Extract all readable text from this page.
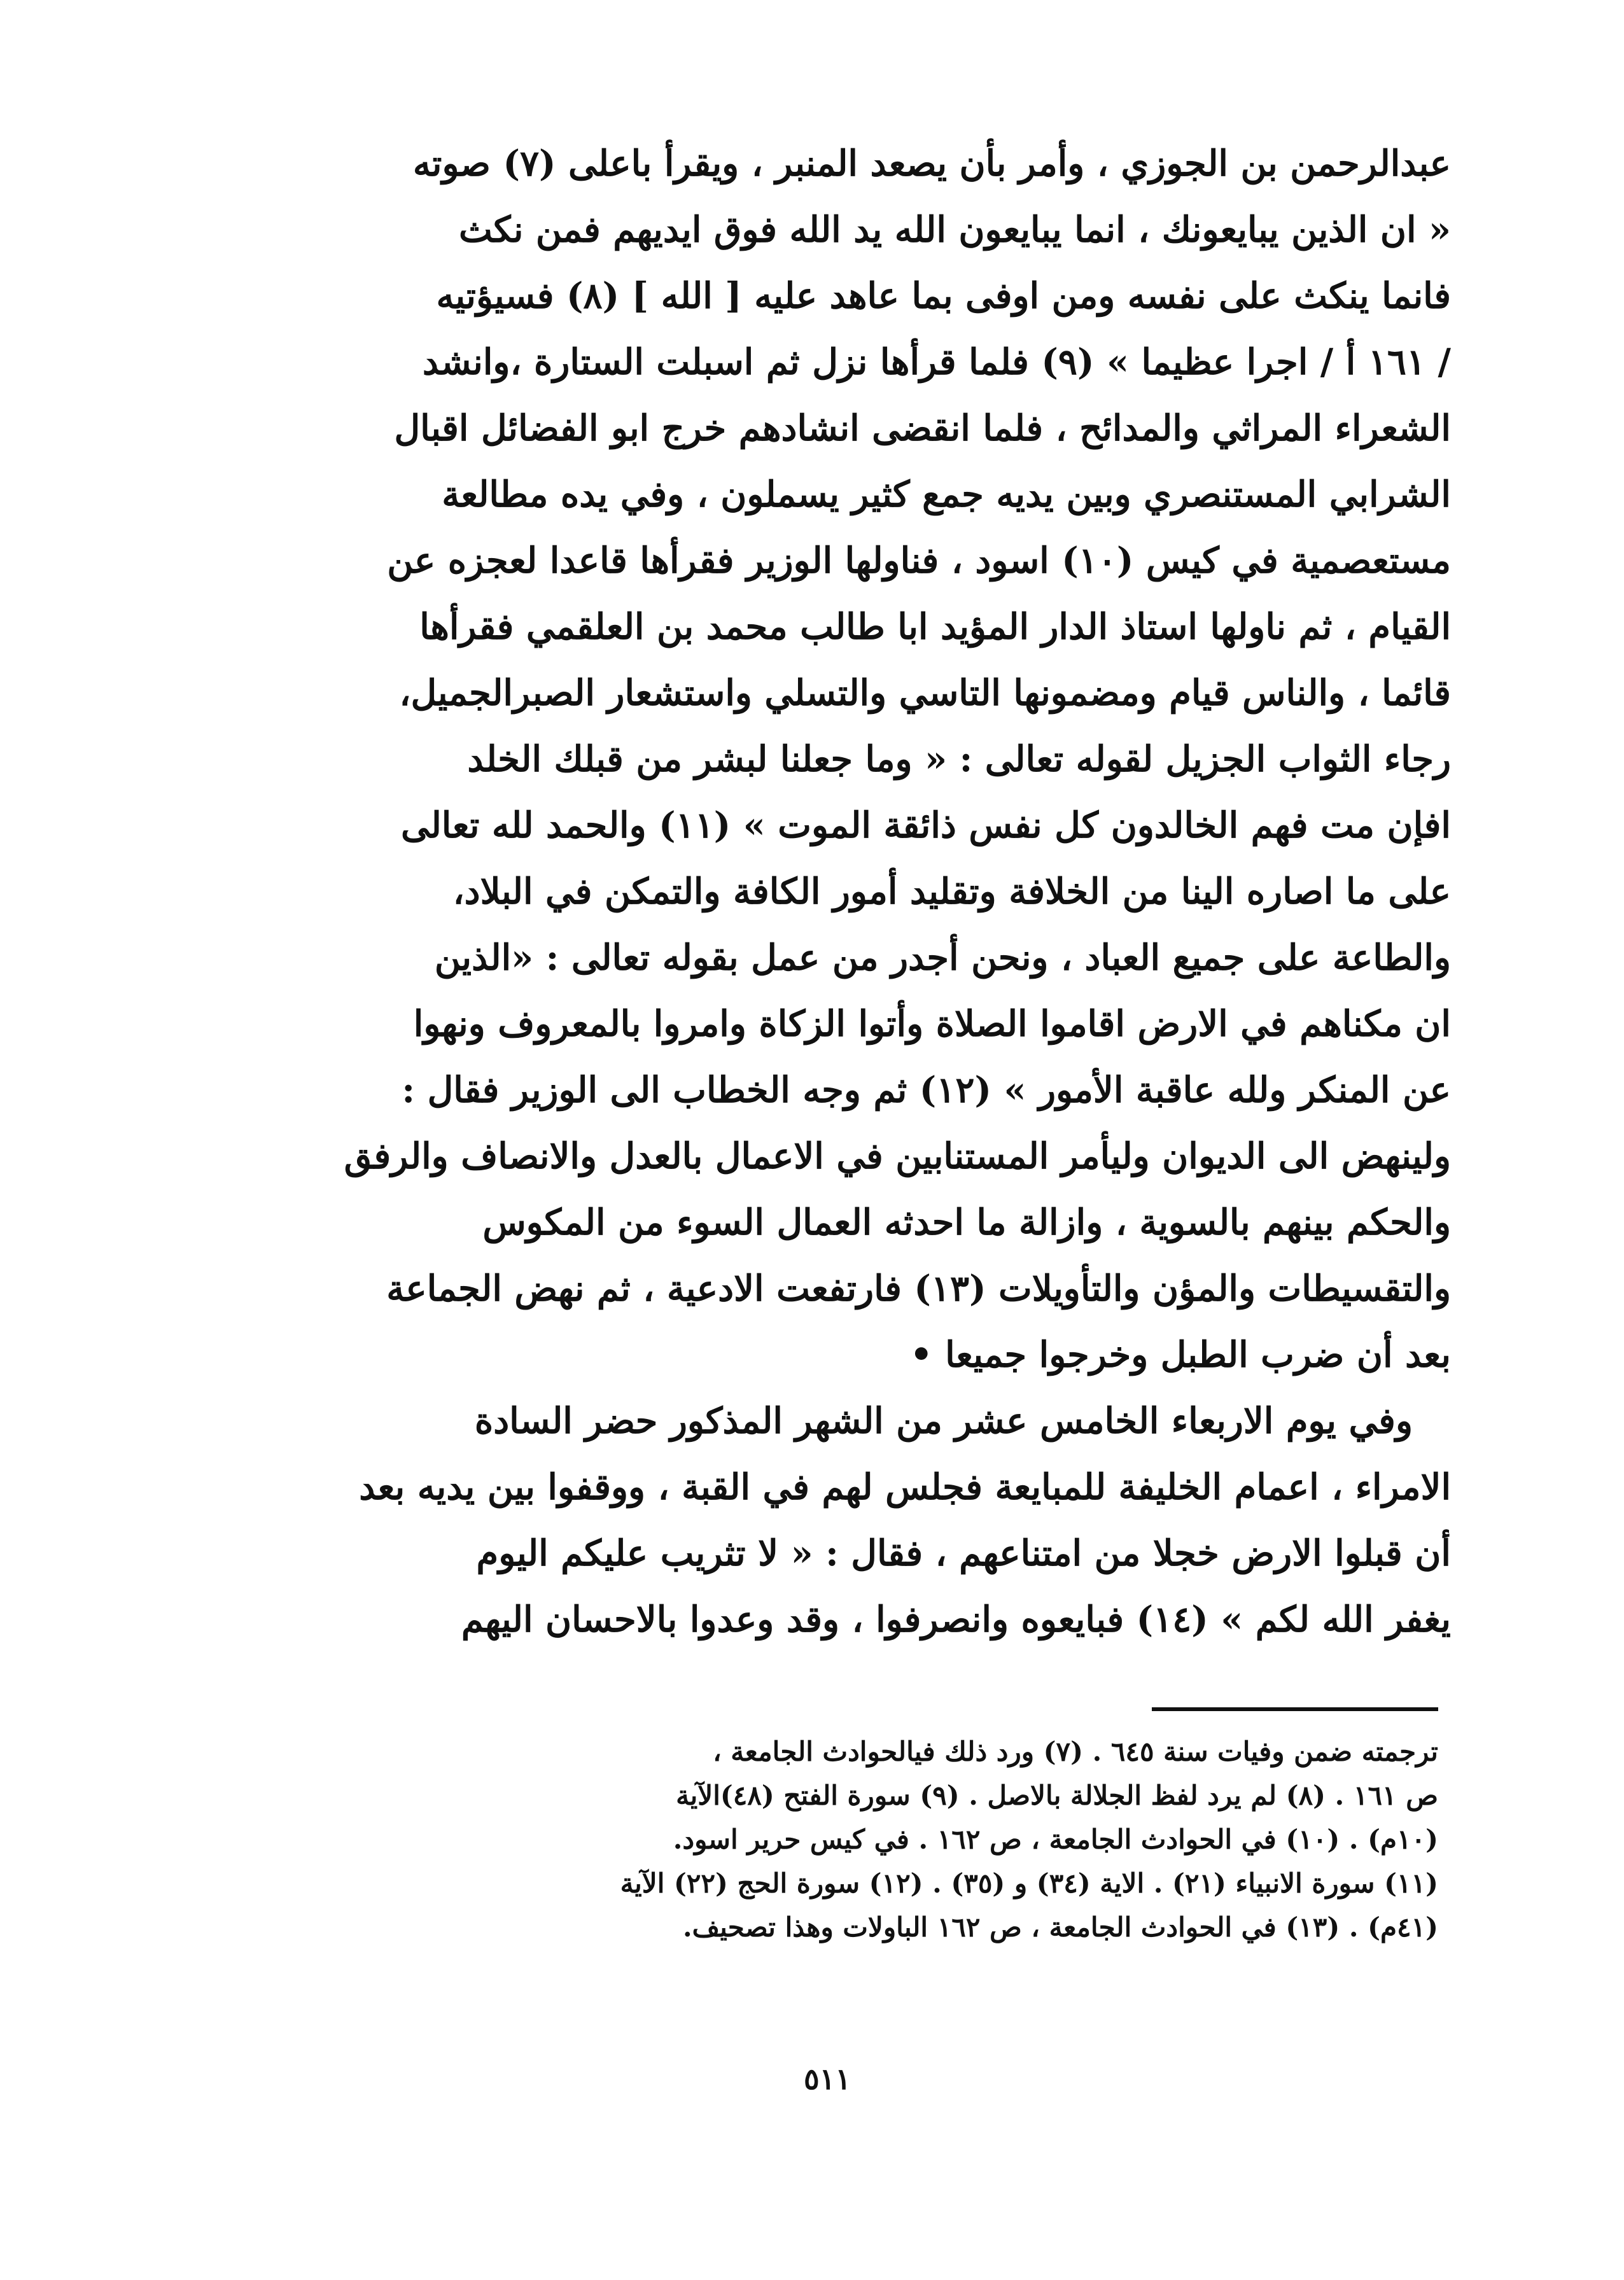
عبدالرحمن بن الجوزي ، وأمر بأن يصعد المنبر ، ويقرأ باعلى (٧) صوته
« ان الذين يبايعونك ، انما يبايعون الله يد الله فوق ايديهم فمن نكث
فانما ينكث على نفسه ومن اوفى بما عاهد عليه [ الله ] (٨) فسيؤتيه
/ ١٦١ أ / اجرا عظيما » (٩) فلما قرأها نزل ثم اسبلت الستارة ،وانشد
الشعراء المراثي والمدائح ، فلما انقضى انشادهم خرج ابو الفضائل اقبال
الشرابي المستنصري وبين يديه جمع كثير يسملون ، وفي يده مطالعة
مستعصمية في كيس (١٠) اسود ، فناولها الوزير فقرأها قاعدا لعجزه عن
القيام ، ثم ناولها استاذ الدار المؤيد ابا طالب محمد بن العلقمي فقرأها
قائما ، والناس قيام ومضمونها التاسي والتسلي واستشعار الصبرالجميل،
رجاء الثواب الجزيل لقوله تعالى : « وما جعلنا لبشر من قبلك الخلد
افإن مت فهم الخالدون كل نفس ذائقة الموت » (١١) والحمد لله تعالى
على ما اصاره الينا من الخلافة وتقليد أمور الكافة والتمكن في البلاد،
والطاعة على جميع العباد ، ونحن أجدر من عمل بقوله تعالى : «الذين
ان مكناهم في الارض اقاموا الصلاة وأتوا الزكاة وامروا بالمعروف ونهوا
عن المنكر ولله عاقبة الأمور » (١٢) ثم وجه الخطاب الى الوزير فقال :
ولينهض الى الديوان وليأمر المستنابين في الاعمال بالعدل والانصاف والرفق
والحكم بينهم بالسوية ، وازالة ما احدثه العمال السوء من المكوس
والتقسيطات والمؤن والتأويلات (١٣) فارتفعت الادعية ، ثم نهض الجماعة
بعد أن ضرب الطبل وخرجوا جميعا •
وفي يوم الاربعاء الخامس عشر من الشهر المذكور حضر السادة
الامراء ، اعمام الخليفة للمبايعة فجلس لهم في القبة ، ووقفوا بين يديه بعد
أن قبلوا الارض خجلا من امتناعهم ، فقال : « لا تثريب عليكم اليوم
يغفر الله لكم » (١٤) فبايعوه وانصرفوا ، وقد وعدوا بالاحسان اليهم
ترجمته ضمن وفيات سنة ٦٤٥ . (٧) ورد ذلك فيالحوادث الجامعة ،
ص ١٦١ . (٨) لم يرد لفظ الجلالة بالاصل . (٩) سورة الفتح (٤٨)الآية
(١٠م) . (١٠) في الحوادث الجامعة ، ص ١٦٢ . في كيس حرير اسود.
(١١) سورة الانبياء (٢١) . الاية (٣٤) و (٣٥) . (١٢) سورة الحج (٢٢) الآية
(٤١م) . (١٣) في الحوادث الجامعة ، ص ١٦٢ الباولات وهذا تصحيف.
٥١١
